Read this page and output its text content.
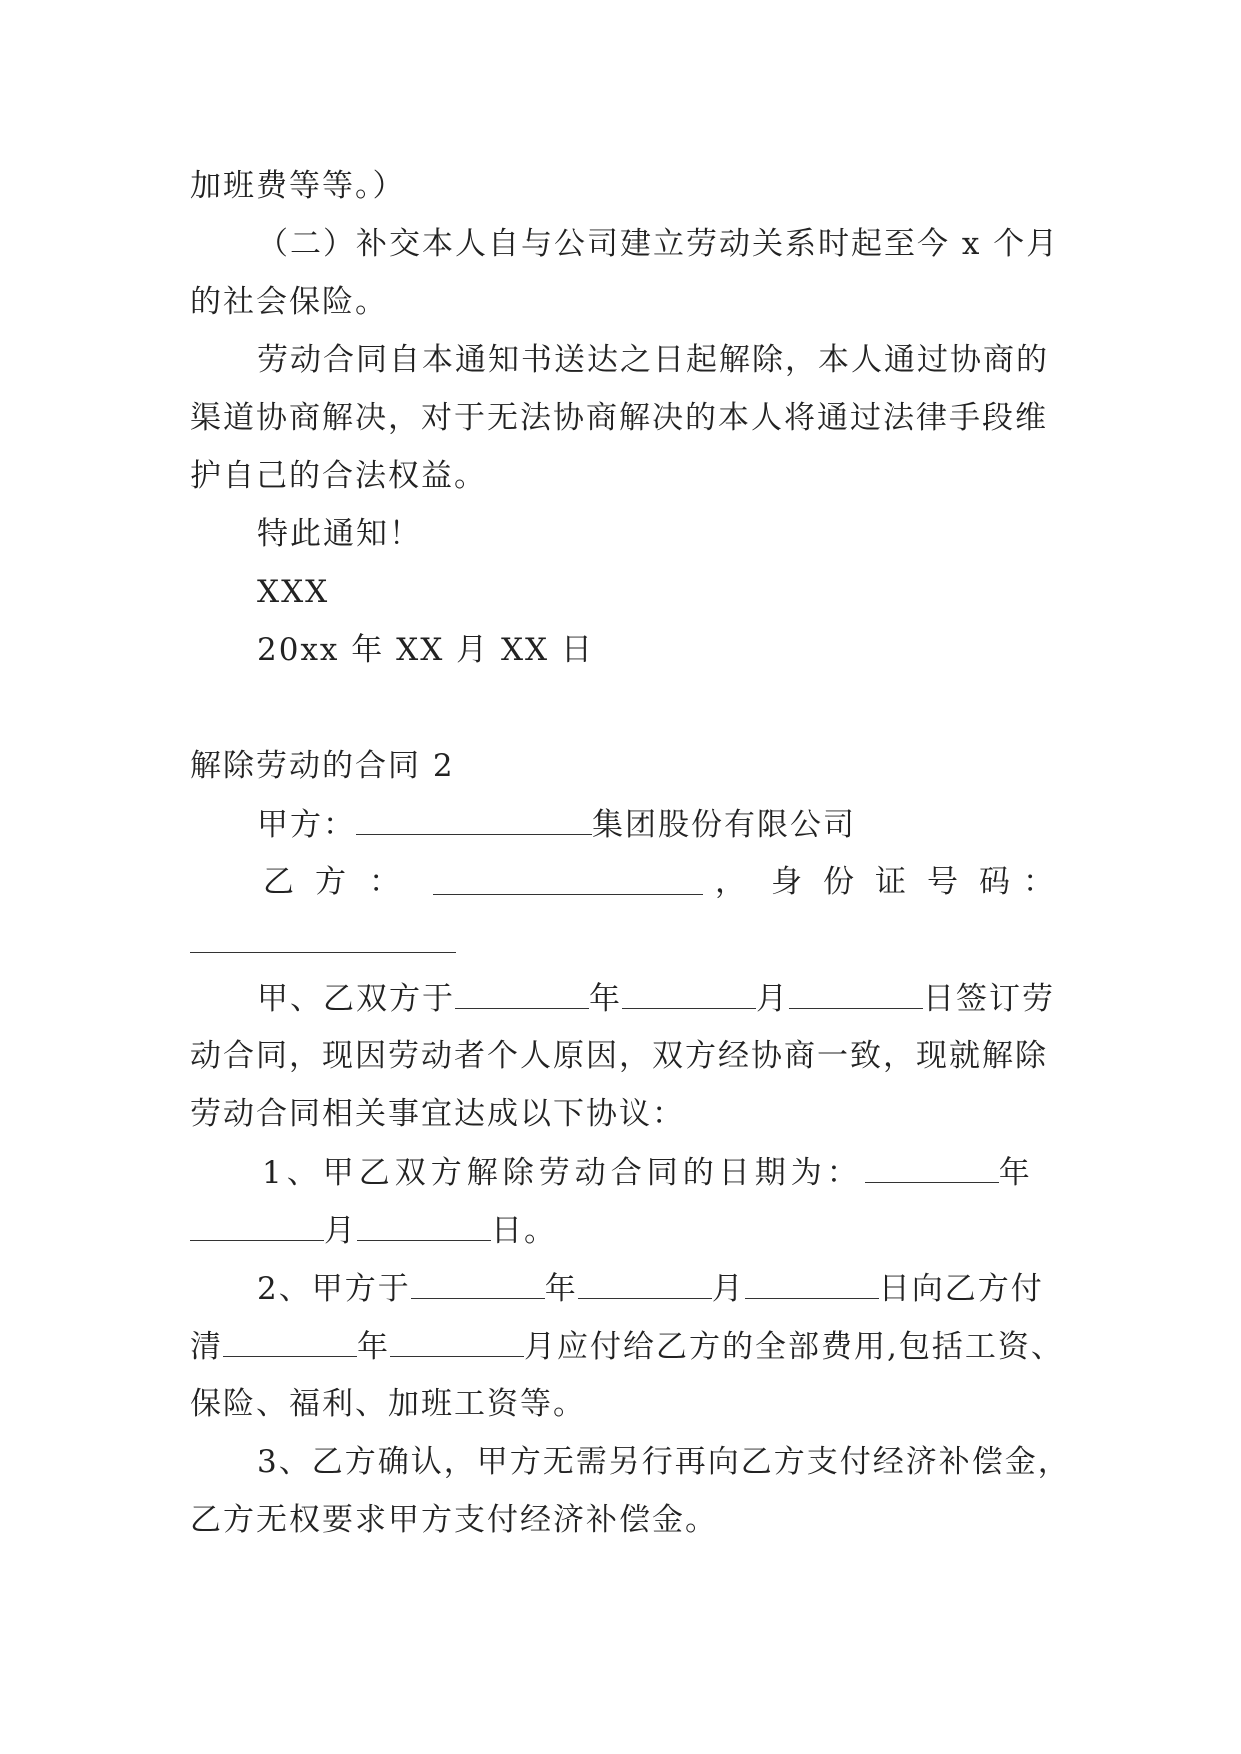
加班费等等。）
（二）补交本人自与公司建立劳动关系时起至今 x 个月
的社会保险。
劳动合同自本通知书送达之日起解除，本人通过协商的
渠道协商解决，对于无法协商解决的本人将通过法律手段维
护自己的合法权益。
特此通知！
XXX
20xx 年 XX 月 XX 日
解除劳动的合同 2
甲方：	集团股份有限公司
乙 方 ：	， 身 份 证 号 码 ：
甲、乙双方于	年	月	日签订劳
动合同，现因劳动者个人原因，双方经协商一致，现就解除
劳动合同相关事宜达成以下协议：
1、甲乙双方解除劳动合同的日期为：	年
月	日。
2、甲方于	年	月	日向乙方付
清	年	月应付给乙方的全部费用,包括工资、
保险、福利、加班工资等。
3、乙方确认，甲方无需另行再向乙方支付经济补偿金，
乙方无权要求甲方支付经济补偿金。
